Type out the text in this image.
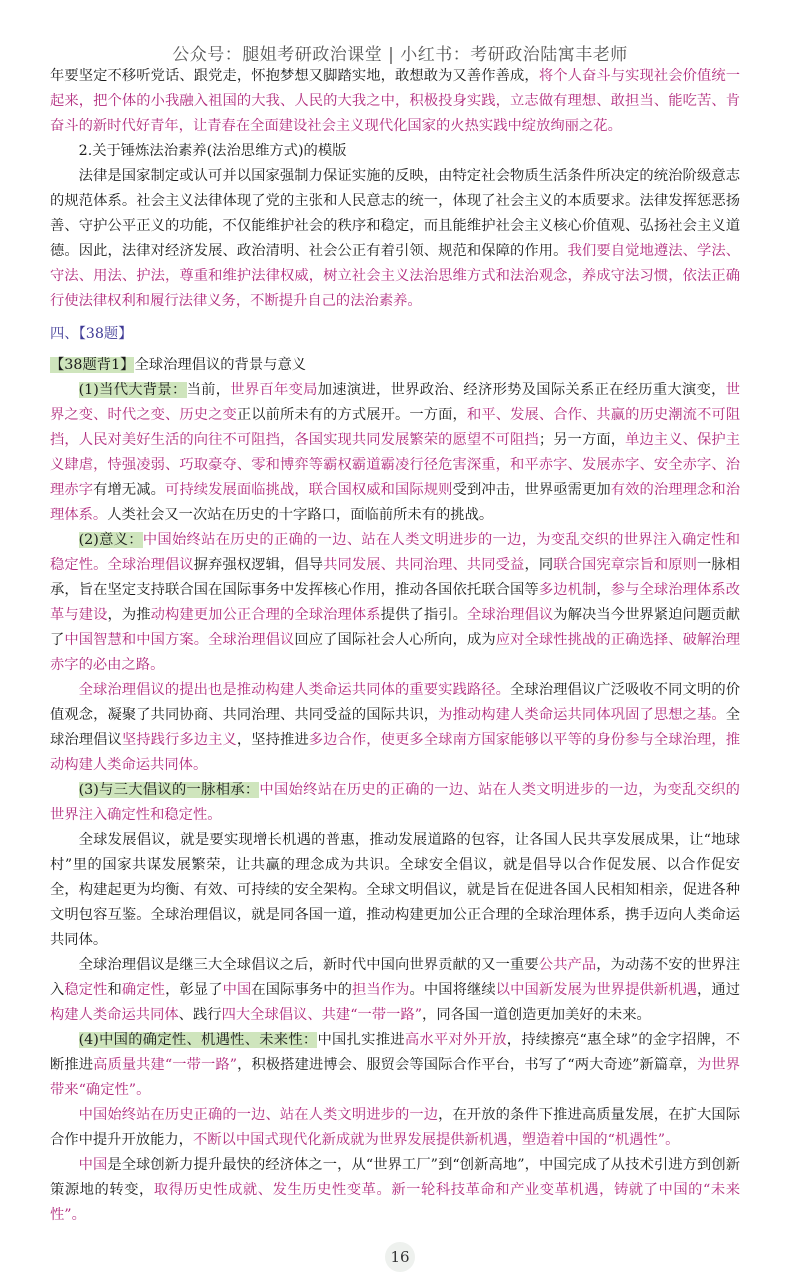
公众号：腿姐考研政治课堂 | 小红书：考研政治陆寓丰老师
年要坚定不移听党话、跟党走，怀抱梦想又脚踏实地，敢想敢为又善作善成，将个人奋斗与实现社会价值统一起来，把个体的小我融入祖国的大我、人民的大我之中，积极投身实践，立志做有理想、敢担当、能吃苦、肯奋斗的新时代好青年，让青春在全面建设社会主义现代化国家的火热实践中绽放绚丽之花。
2.关于锤炼法治素养(法治思维方式)的模版
法律是国家制定或认可并以国家强制力保证实施的反映，由特定社会物质生活条件所决定的统治阶级意志的规范体系。社会主义法律体现了党的主张和人民意志的统一，体现了社会主义的本质要求。法律发挥惩恶扬善、守护公平正义的功能，不仅能维护社会的秩序和稳定，而且能维护社会主义核心价值观、弘扬社会主义道德。因此，法律对经济发展、政治清明、社会公正有着引领、规范和保障的作用。我们要自觉地遵法、学法、守法、用法、护法，尊重和维护法律权威，树立社会主义法治思维方式和法治观念，养成守法习惯，依法正确行使法律权利和履行法律义务，不断提升自己的法治素养。
四、【38题】
【38题背1】全球治理倡议的背景与意义
(1)当代大背景：当前，世界百年变局加速演进，世界政治、经济形势及国际关系正在经历重大演变，世界之变、时代之变、历史之变正以前所未有的方式展开。一方面，和平、发展、合作、共赢的历史潮流不可阻挡，人民对美好生活的向往不可阻挡，各国实现共同发展繁荣的愿望不可阻挡；另一方面，单边主义、保护主义肆虐，恃强凌弱、巧取豪夺、零和博弈等霸权霸道霸凌行径危害深重，和平赤字、发展赤字、安全赤字、治理赤字有增无减。可持续发展面临挑战，联合国权威和国际规则受到冲击，世界亟需更加有效的治理理念和治理体系。人类社会又一次站在历史的十字路口，面临前所未有的挑战。
(2)意义：中国始终站在历史的正确的一边、站在人类文明进步的一边，为变乱交织的世界注入确定性和稳定性。全球治理倡议摒弃强权逻辑，倡导共同发展、共同治理、共同受益，同联合国宪章宗旨和原则一脉相承，旨在坚定支持联合国在国际事务中发挥核心作用，推动各国依托联合国等多边机制，参与全球治理体系改革与建设，为推动构建更加公正合理的全球治理体系提供了指引。全球治理倡议为解决当今世界紧迫问题贡献了中国智慧和中国方案。全球治理倡议回应了国际社会人心所向，成为应对全球性挑战的正确选择、破解治理赤字的必由之路。
全球治理倡议的提出也是推动构建人类命运共同体的重要实践路径。全球治理倡议广泛吸收不同文明的价值观念，凝聚了共同协商、共同治理、共同受益的国际共识，为推动构建人类命运共同体巩固了思想之基。全球治理倡议坚持践行多边主义，坚持推进多边合作，使更多全球南方国家能够以平等的身份参与全球治理，推动构建人类命运共同体。
(3)与三大倡议的一脉相承：中国始终站在历史的正确的一边、站在人类文明进步的一边，为变乱交织的世界注入确定性和稳定性。
全球发展倡议，就是要实现增长机遇的普惠，推动发展道路的包容，让各国人民共享发展成果，让“地球村”里的国家共谋发展繁荣，让共赢的理念成为共识。全球安全倡议，就是倡导以合作促发展、以合作促安全，构建起更为均衡、有效、可持续的安全架构。全球文明倡议，就是旨在促进各国人民相知相亲，促进各种文明包容互鉴。全球治理倡议，就是同各国一道，推动构建更加公正合理的全球治理体系，携手迈向人类命运共同体。
全球治理倡议是继三大全球倡议之后，新时代中国向世界贡献的又一重要公共产品，为动荡不安的世界注入稳定性和确定性，彰显了中国在国际事务中的担当作为。中国将继续以中国新发展为世界提供新机遇，通过构建人类命运共同体、践行四大全球倡议、共建“一带一路”，同各国一道创造更加美好的未来。
(4)中国的确定性、机遇性、未来性：中国扎实推进高水平对外开放，持续擦亮“惠全球”的金字招牌，不断推进高质量共建“一带一路”，积极搭建进博会、服贸会等国际合作平台，书写了“两大奇迹”新篇章，为世界带来“确定性”。
中国始终站在历史正确的一边、站在人类文明进步的一边，在开放的条件下推进高质量发展，在扩大国际合作中提升开放能力，不断以中国式现代化新成就为世界发展提供新机遇，塑造着中国的“机遇性”。
中国是全球创新力提升最快的经济体之一，从“世界工厂”到“创新高地”，中国完成了从技术引进方到创新策源地的转变，取得历史性成就、发生历史性变革。新一轮科技革命和产业变革机遇，铸就了中国的“未来性”。
16
